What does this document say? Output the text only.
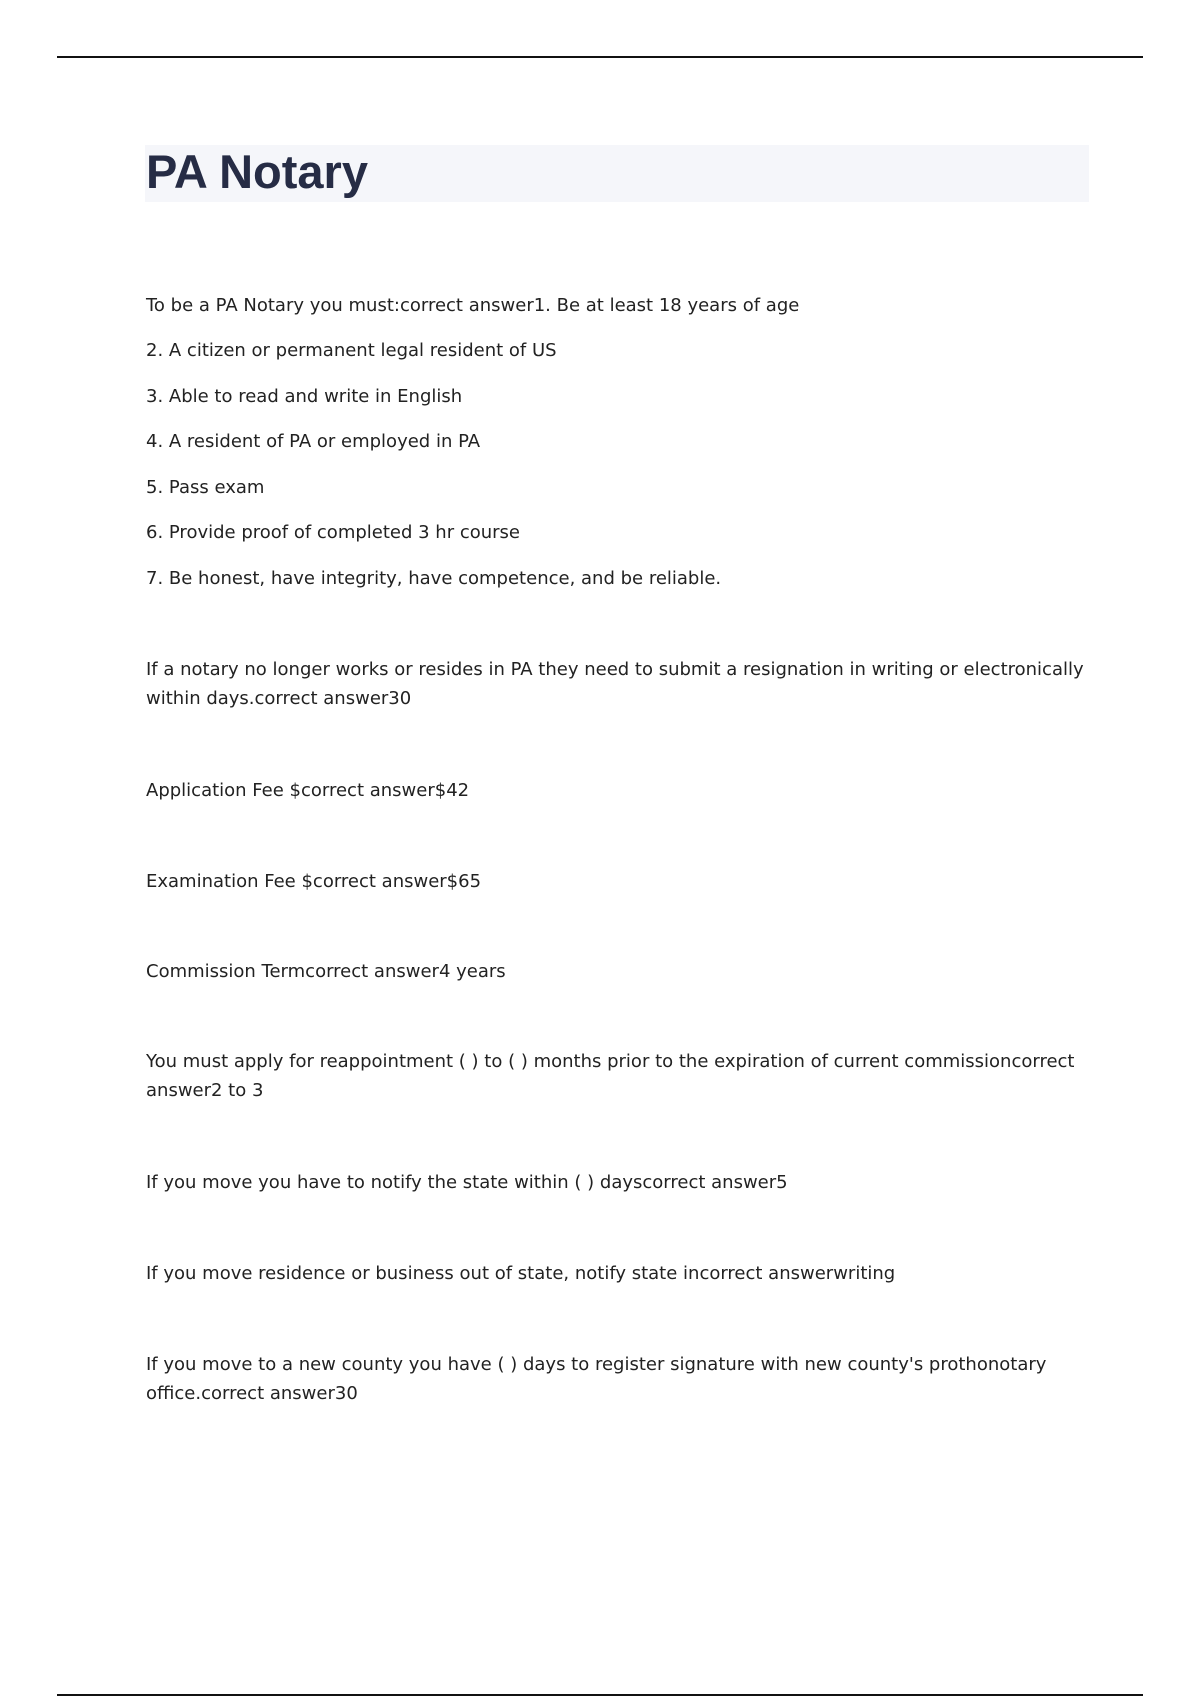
PA Notary

To be a PA Notary you must:correct answer1. Be at least 18 years of age

2. A citizen or permanent legal resident of US

3. Able to read and write in English

4. A resident of PA or employed in PA

5. Pass exam

6. Provide proof of completed 3 hr course

7. Be honest, have integrity, have competence, and be reliable.

If a notary no longer works or resides in PA they need to submit a resignation in writing or electronically within days.correct answer30

Application Fee $correct answer$42

Examination Fee $correct answer$65

Commission Termcorrect answer4 years

You must apply for reappointment ( ) to ( ) months prior to the expiration of current commissioncorrect answer2 to 3

If you move you have to notify the state within ( ) dayscorrect answer5

If you move residence or business out of state, notify state incorrect answerwriting

If you move to a new county you have ( ) days to register signature with new county's prothonotary office.correct answer30
